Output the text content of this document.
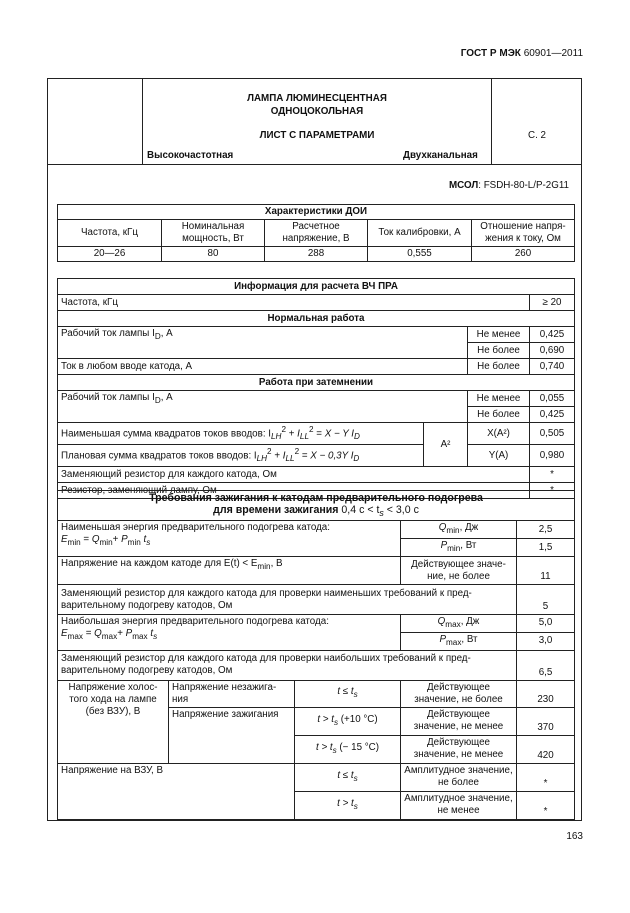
ГОСТ Р МЭК 60901—2011
ЛАМПА ЛЮМИНЕСЦЕНТНАЯ
ОДНОЦОКОЛЬНАЯ
ЛИСТ С ПАРАМЕТРАМИ	С. 2
Высокочастотная	Двухканальная
МСОЛ: FSDH-80-L/P-2G11
Характеристики ДОИ				
Частота, кГц	Номинальная мощность, Вт	Расчетное напряжение, В	Ток калибровки, А	Отношение напря-жения к току, Ом
20—26	80	288	0,555	260
Информация для расчета ВЧ ПРА			
Частота, кГц			≥ 20
Нормальная работа			
Рабочий ток лампы $I_D$, А		Не менее	0,425
		Не более	0,690
Ток в любом вводе катода, А		Не более	0,740
Работа при затемнении			
Рабочий ток лампы $I_D$, А		Не менее	0,055
		Не более	0,425
Наименьшая сумма квадратов токов вводов: $I_{LH}^2 + I_{LL}^2 = X - Y$ $I_D$	A²	X(A²)	0,505
Плановая сумма квадратов токов вводов: $I_{LH}^2 + I_{LL}^2 = X - 0,3Y$ $I_D$		Y(A)	0,980
Заменяющий резистор для каждого катода, Ом			*
Резистор, заменяющий лампу, Ом			*
Требования зажигания к катодам предварительного подогрева
для времени зажигания 0,4 $с < t_s < 3,0$ с				
Наименьшая энергия предварительного подогрева катода:
$E_{min} = Q_{min}+ P_{min}$ $t_s$			$Q_{min}$, Дж	2,5
			$P_{min}$, Вт	1,5
Напряжение на каждом катоде для $E(t) < E_{min}$, В			Действующее значе-ние, не более	11
Заменяющий резистор для каждого катода для проверки наименьших требований к пред-варительному подогреву катодов, Ом				5
Наибольшая энергия предварительного подогрева катода:
$E_{max} = Q_{max}+ P_{max}$ $t_s$			$Q_{max}$, Дж	5,0
			$P_{max}$, Вт	3,0
Заменяющий резистор для каждого катода для проверки наибольших требований к пред-варительному подогреву катодов, Ом				6,5
Напряжение холос-того хода на лампе (без ВЗУ), В	Напряжение незажига-ния	$t \le t_s$	Действующее значение, не более	230
	Напряжение зажигания	$t > t_s$ (+10 °С)	Действующее значение, не менее	370
		$t > t_s$ (− 15 °С)	Действующее значение, не менее	420
Напряжение на ВЗУ, В		$t \le t_s$	Амплитудное значение, не более	*
		$t > t_s$	Амплитудное значение, не менее	*
163
